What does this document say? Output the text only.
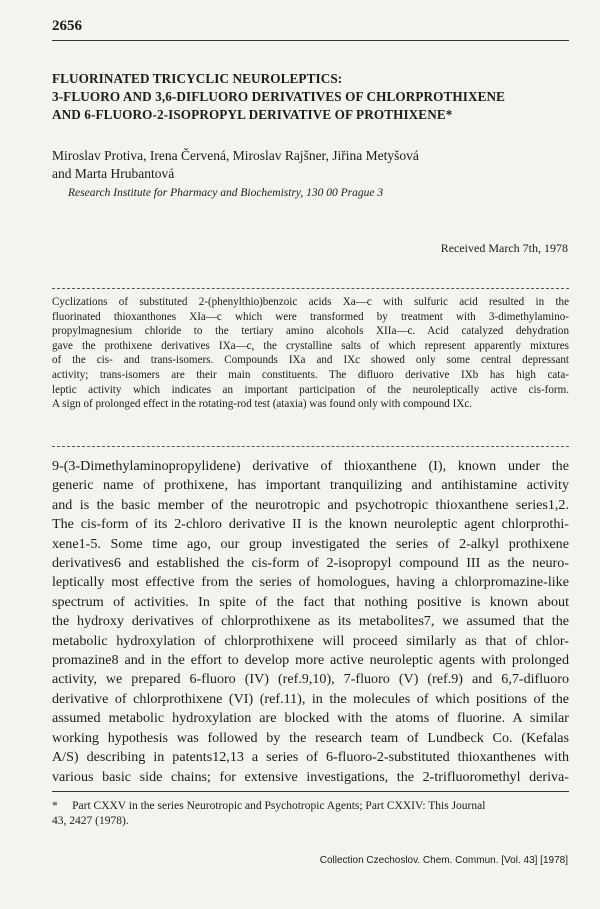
2656
FLUORINATED TRICYCLIC NEUROLEPTICS:
3-FLUORO AND 3,6-DIFLUORO DERIVATIVES OF CHLORPROTHIXENE
AND 6-FLUORO-2-ISOPROPYL DERIVATIVE OF PROTHIXENE*
Miroslav Protiva, Irena Červená, Miroslav Rajšner, Jiřina Metyšová
and Marta Hrubantová
Research Institute for Pharmacy and Biochemistry, 130 00 Prague 3
Received March 7th, 1978
Cyclizations of substituted 2-(phenylthio)benzoic acids Xa—c with sulfuric acid resulted in the
fluorinated thioxanthones XIa—c which were transformed by treatment with 3-dimethylamino-
propylmagnesium chloride to the tertiary amino alcohols XIIa—c. Acid catalyzed dehydration
gave the prothixene derivatives IXa—c, the crystalline salts of which represent apparently mixtures
of the cis- and trans-isomers. Compounds IXa and IXc showed only some central depressant
activity; trans-isomers are their main constituents. The difluoro derivative IXb has high cata-
leptic activity which indicates an important participation of the neuroleptically active cis-form.
A sign of prolonged effect in the rotating-rod test (ataxia) was found only with compound IXc.
9-(3-Dimethylaminopropylidene) derivative of thioxanthene (I), known under the
generic name of prothixene, has important tranquilizing and antihistamine activity
and is the basic member of the neurotropic and psychotropic thioxanthene series1,2.
The cis-form of its 2-chloro derivative II is the known neuroleptic agent chlorprothi-
xene1-5. Some time ago, our group investigated the series of 2-alkyl prothixene
derivatives6 and established the cis-form of 2-isopropyl compound III as the neuro-
leptically most effective from the series of homologues, having a chlorpromazine-like
spectrum of activities. In spite of the fact that nothing positive is known about
the hydroxy derivatives of chlorprothixene as its metabolites7, we assumed that the
metabolic hydroxylation of chlorprothixene will proceed similarly as that of chlor-
promazine8 and in the effort to develop more active neuroleptic agents with prolonged
activity, we prepared 6-fluoro (IV) (ref.9,10), 7-fluoro (V) (ref.9) and 6,7-difluoro
derivative of chlorprothixene (VI) (ref.11), in the molecules of which positions of the
assumed metabolic hydroxylation are blocked with the atoms of fluorine. A similar
working hypothesis was followed by the research team of Lundbeck Co. (Kefalas
A/S) describing in patents12,13 a series of 6-fluoro-2-substituted thioxanthenes with
various basic side chains; for extensive investigations, the 2-trifluoromethyl deriva-
* Part CXXV in the series Neurotropic and Psychotropic Agents; Part CXXIV: This Journal
43, 2427 (1978).
Collection Czechoslov. Chem. Commun. [Vol. 43] [1978]
